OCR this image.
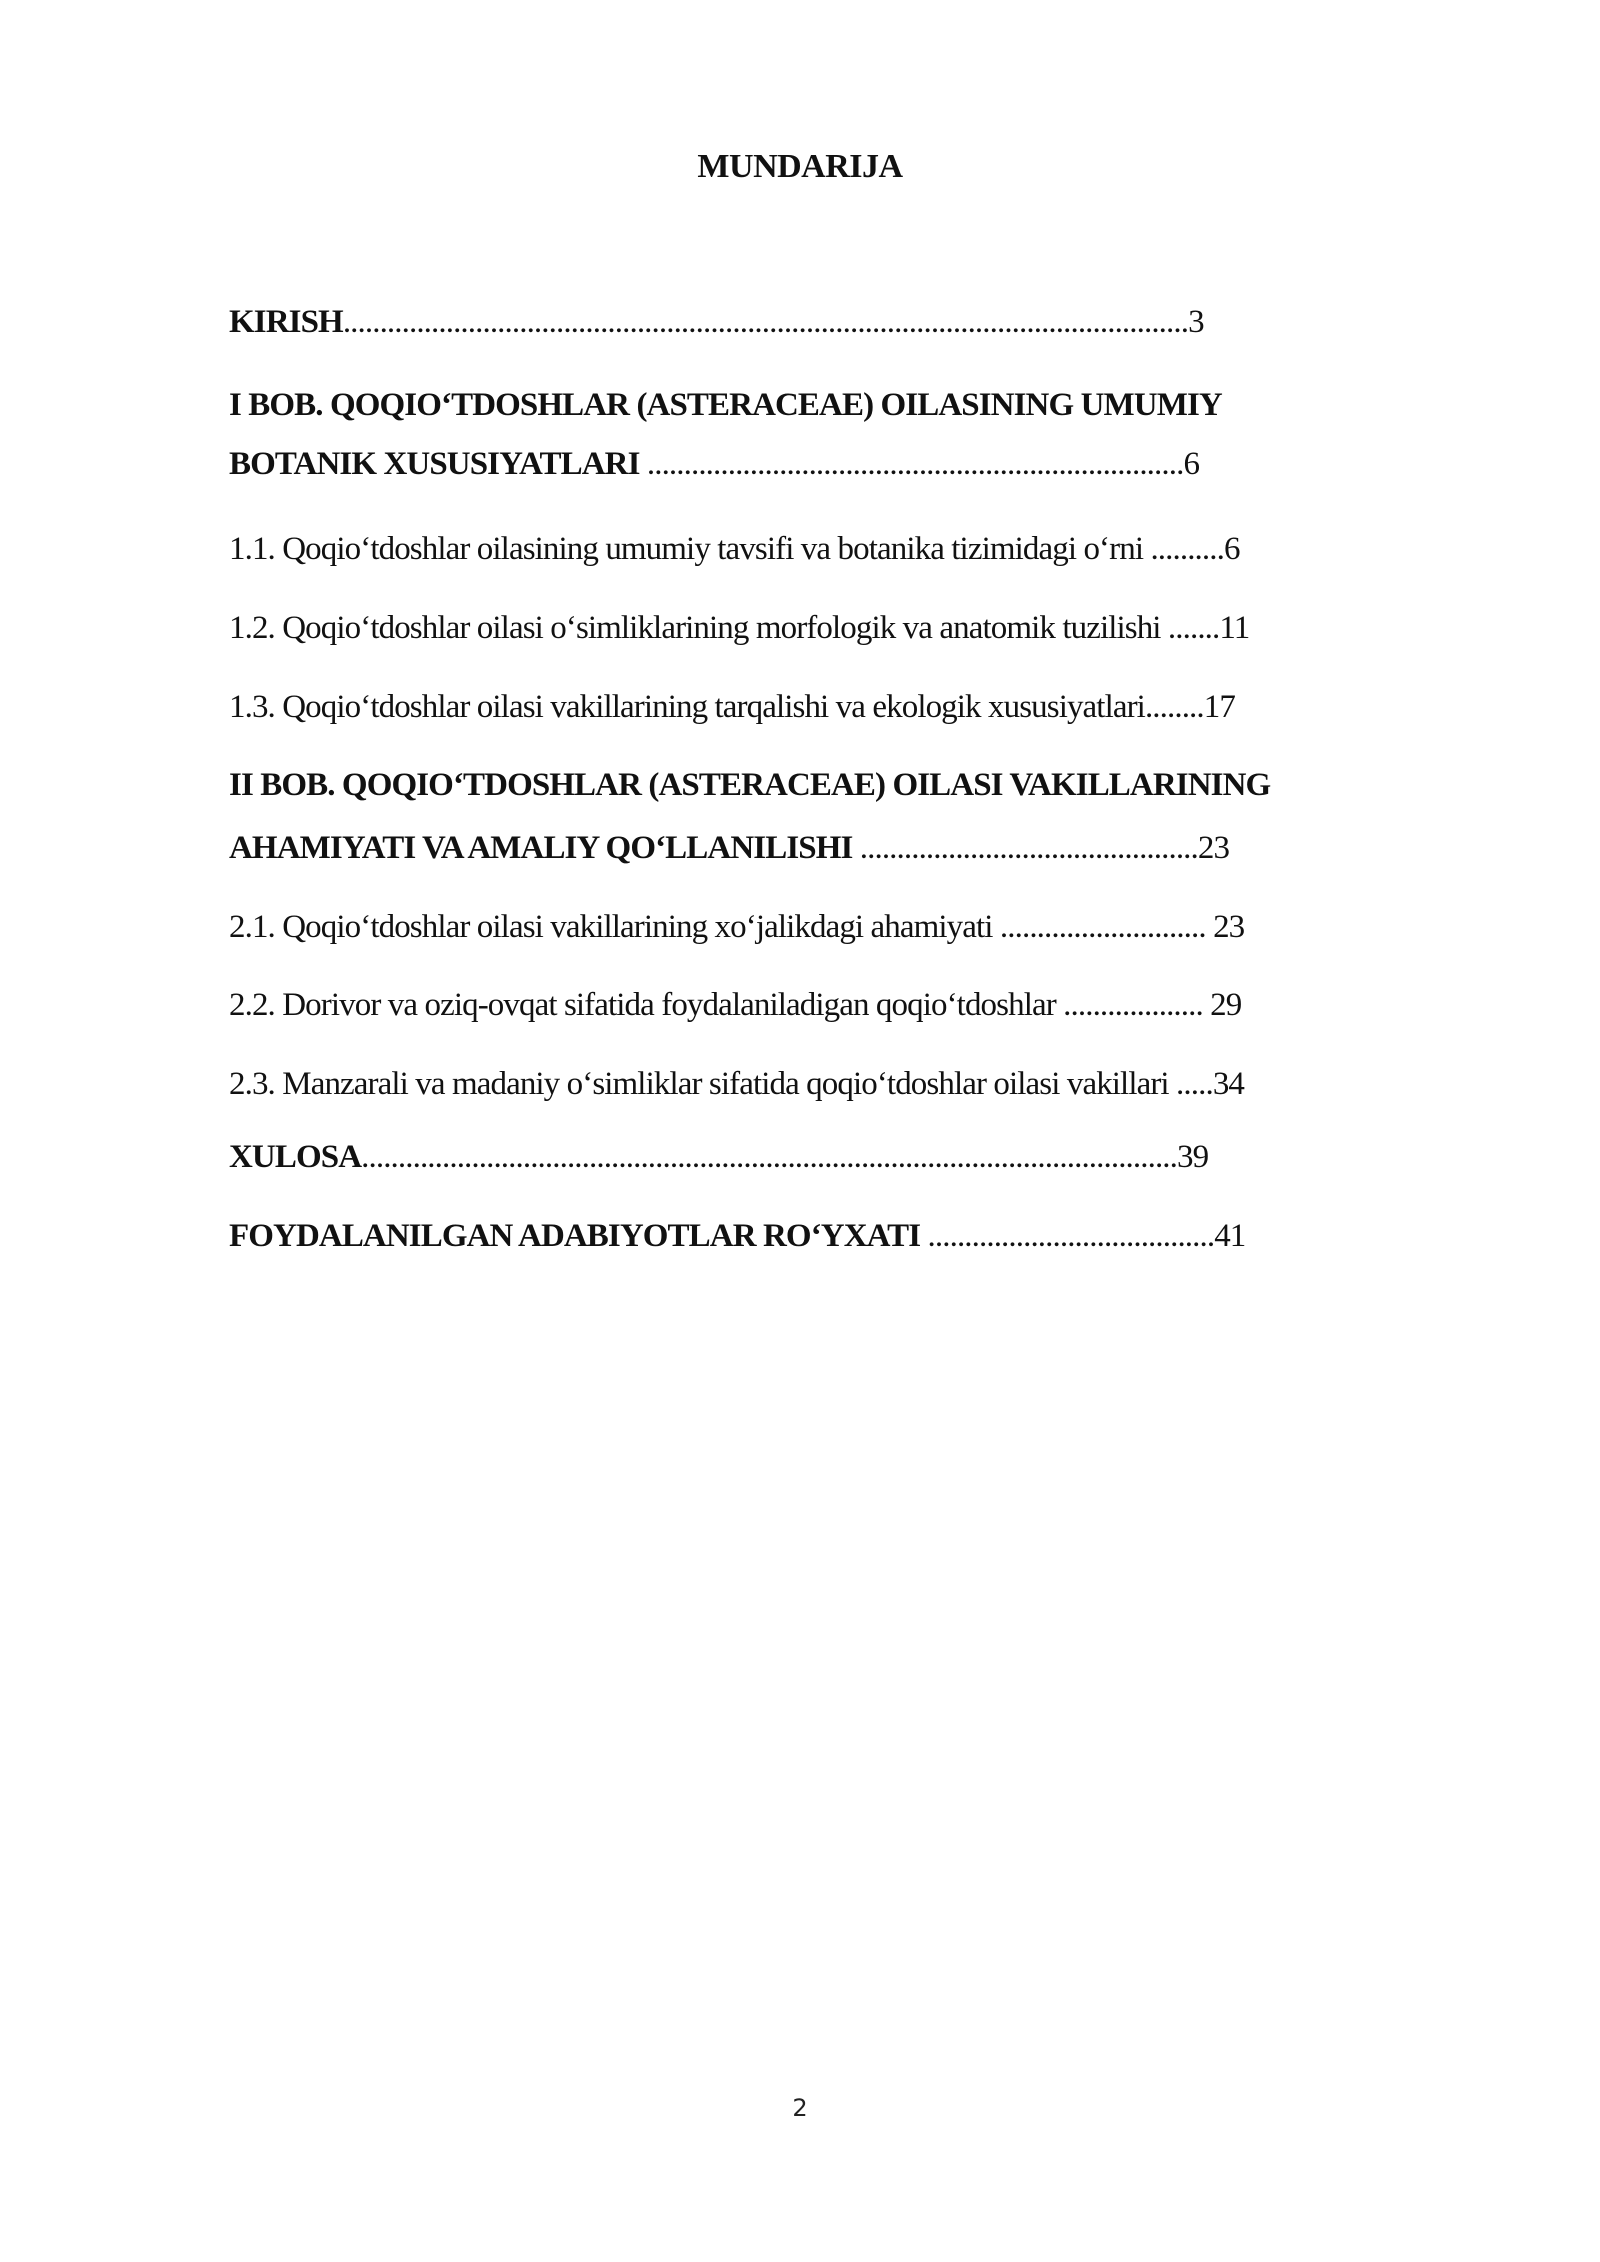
MUNDARIJA
KIRISH...................................................................................................................3
I BOB. QOQIO‘TDOSHLAR (ASTERACEAE) OILASINING UMUMIY
BOTANIK XUSUSIYATLARI .........................................................................6
1.1. Qoqio‘tdoshlar oilasining umumiy tavsifi va botanika tizimidagi o‘rni ..........6
1.2. Qoqio‘tdoshlar oilasi o‘simliklarining morfologik va anatomik tuzilishi .......11
1.3. Qoqio‘tdoshlar oilasi vakillarining tarqalishi va ekologik xususiyatlari........17
II BOB. QOQIO‘TDOSHLAR (ASTERACEAE) OILASI VAKILLARINING
AHAMIYATI VA AMALIY QO‘LLANILISHI ..............................................23
2.1. Qoqio‘tdoshlar oilasi vakillarining xo‘jalikdagi ahamiyati ............................ 23
2.2. Dorivor va oziq-ovqat sifatida foydalaniladigan qoqio‘tdoshlar ................... 29
2.3. Manzarali va madaniy o‘simliklar sifatida qoqio‘tdoshlar oilasi vakillari .....34
XULOSA...............................................................................................................39
FOYDALANILGAN ADABIYOTLAR RO‘YXATI .......................................41
2
